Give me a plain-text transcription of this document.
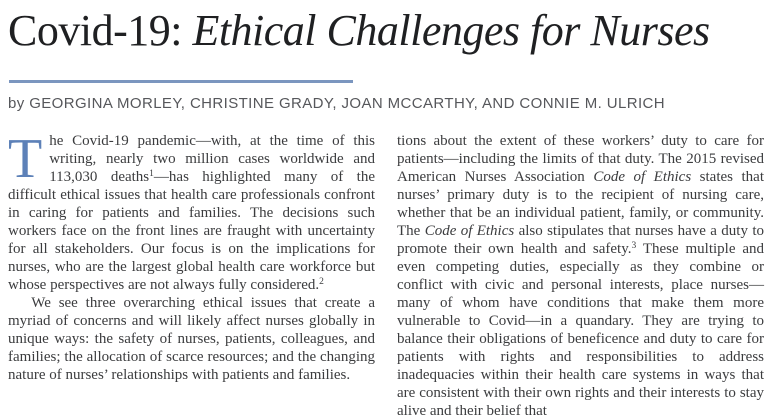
Covid-19: Ethical Challenges for Nurses
by GEORGINA MORLEY, CHRISTINE GRADY, JOAN MCCARTHY, AND CONNIE M. ULRICH

The Covid-19 pandemic—with, at the time of this writing, nearly two million cases worldwide and 113,030 deaths$^1$—has highlighted many of the difficult ethical issues that health care professionals confront in caring for patients and families. The decisions such workers face on the front lines are fraught with uncertainty for all stakeholders. Our focus is on the implications for nurses, who are the largest global health care workforce but whose perspectives are not always fully considered.$^2$

We see three overarching ethical issues that create a myriad of concerns and will likely affect nurses globally in unique ways: the safety of nurses, patients, colleagues, and families; the allocation of scarce resources; and the changing nature of nurses’ relationships with patients and families.

tions about the extent of these workers’ duty to care for patients—including the limits of that duty. The 2015 revised American Nurses Association Code of Ethics states that nurses’ primary duty is to the recipient of nursing care, whether that be an individual patient, family, or community. The Code of Ethics also stipulates that nurses have a duty to promote their own health and safety.$^3$ These multiple and even competing duties, especially as they combine or conflict with civic and personal interests, place nurses—many of whom have conditions that make them more vulnerable to Covid—in a quandary. They are trying to balance their obligations of beneficence and duty to care for patients with rights and responsibilities to address inadequacies within their health care systems in ways that are consistent with their own rights and their interests to stay alive and their belief that
